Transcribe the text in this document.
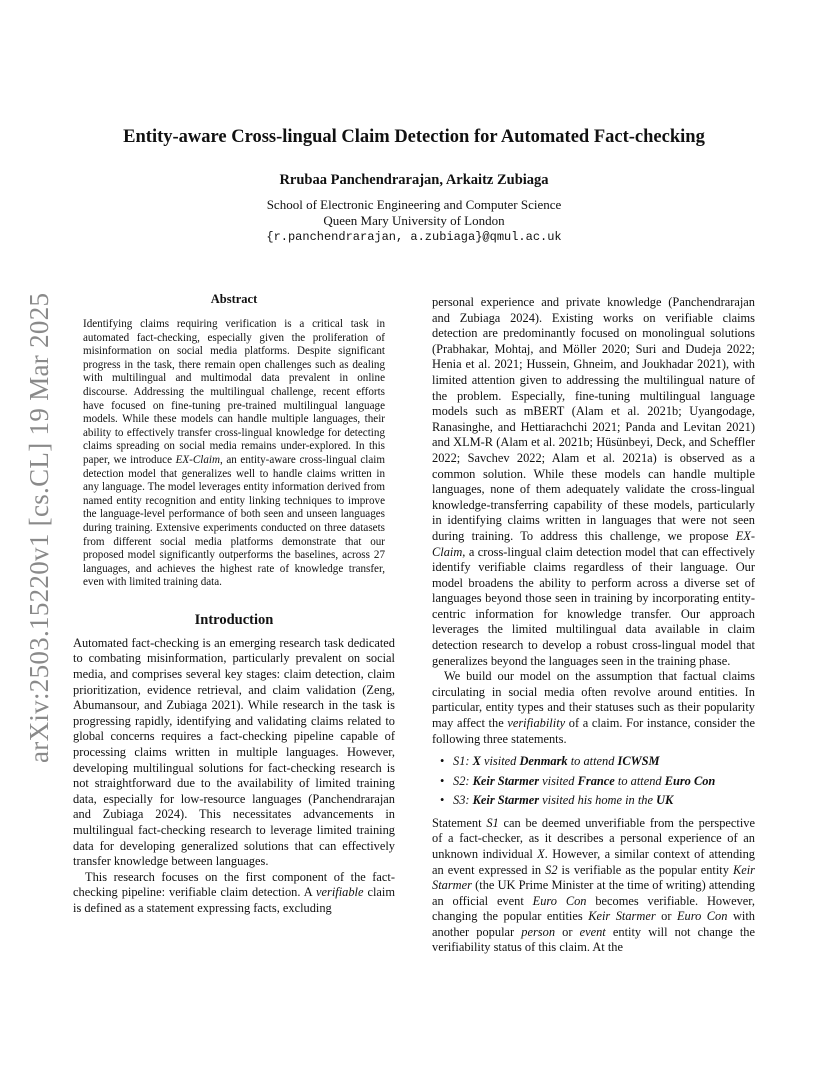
arXiv:2503.15220v1 [cs.CL] 19 Mar 2025
Entity-aware Cross-lingual Claim Detection for Automated Fact-checking
Rrubaa Panchendrarajan, Arkaitz Zubiaga
School of Electronic Engineering and Computer Science
Queen Mary University of London
{r.panchendrarajan, a.zubiaga}@qmul.ac.uk
Abstract

Identifying claims requiring verification is a critical task in automated fact-checking, especially given the proliferation of misinformation on social media platforms. Despite significant progress in the task, there remain open challenges such as dealing with multilingual and multimodal data prevalent in online discourse. Addressing the multilingual challenge, recent efforts have focused on fine-tuning pre-trained multilingual language models. While these models can handle multiple languages, their ability to effectively transfer cross-lingual knowledge for detecting claims spreading on social media remains under-explored. In this paper, we introduce EX-Claim, an entity-aware cross-lingual claim detection model that generalizes well to handle claims written in any language. The model leverages entity information derived from named entity recognition and entity linking techniques to improve the language-level performance of both seen and unseen languages during training. Extensive experiments conducted on three datasets from different social media platforms demonstrate that our proposed model significantly outperforms the baselines, across 27 languages, and achieves the highest rate of knowledge transfer, even with limited training data.

Introduction

Automated fact-checking is an emerging research task dedicated to combating misinformation, particularly prevalent on social media, and comprises several key stages: claim detection, claim prioritization, evidence retrieval, and claim validation (Zeng, Abumansour, and Zubiaga 2021). While research in the task is progressing rapidly, identifying and validating claims related to global concerns requires a fact-checking pipeline capable of processing claims written in multiple languages. However, developing multilingual solutions for fact-checking research is not straightforward due to the availability of limited training data, especially for low-resource languages (Panchendrarajan and Zubiaga 2024). This necessitates advancements in multilingual fact-checking research to leverage limited training data for developing generalized solutions that can effectively transfer knowledge between languages.

This research focuses on the first component of the fact-checking pipeline: verifiable claim detection. A verifiable claim is defined as a statement expressing facts, excluding

personal experience and private knowledge (Panchendrarajan and Zubiaga 2024). Existing works on verifiable claims detection are predominantly focused on monolingual solutions (Prabhakar, Mohtaj, and Möller 2020; Suri and Dudeja 2022; Henia et al. 2021; Hussein, Ghneim, and Joukhadar 2021), with limited attention given to addressing the multilingual nature of the problem. Especially, fine-tuning multilingual language models such as mBERT (Alam et al. 2021b; Uyangodage, Ranasinghe, and Hettiarachchi 2021; Panda and Levitan 2021) and XLM-R (Alam et al. 2021b; Hüsünbeyi, Deck, and Scheffler 2022; Savchev 2022; Alam et al. 2021a) is observed as a common solution. While these models can handle multiple languages, none of them adequately validate the cross-lingual knowledge-transferring capability of these models, particularly in identifying claims written in languages that were not seen during training. To address this challenge, we propose EX-Claim, a cross-lingual claim detection model that can effectively identify verifiable claims regardless of their language. Our model broadens the ability to perform across a diverse set of languages beyond those seen in training by incorporating entity-centric information for knowledge transfer. Our approach leverages the limited multilingual data available in claim detection research to develop a robust cross-lingual model that generalizes beyond the languages seen in the training phase.

We build our model on the assumption that factual claims circulating in social media often revolve around entities. In particular, entity types and their statuses such as their popularity may affect the verifiability of a claim. For instance, consider the following three statements.

• S1: X visited Denmark to attend ICWSM
• S2: Keir Starmer visited France to attend Euro Con
• S3: Keir Starmer visited his home in the UK

Statement S1 can be deemed unverifiable from the perspective of a fact-checker, as it describes a personal experience of an unknown individual X. However, a similar context of attending an event expressed in S2 is verifiable as the popular entity Keir Starmer (the UK Prime Minister at the time of writing) attending an official event Euro Con becomes verifiable. However, changing the popular entities Keir Starmer or Euro Con with another popular person or event entity will not change the verifiability status of this claim. At the
